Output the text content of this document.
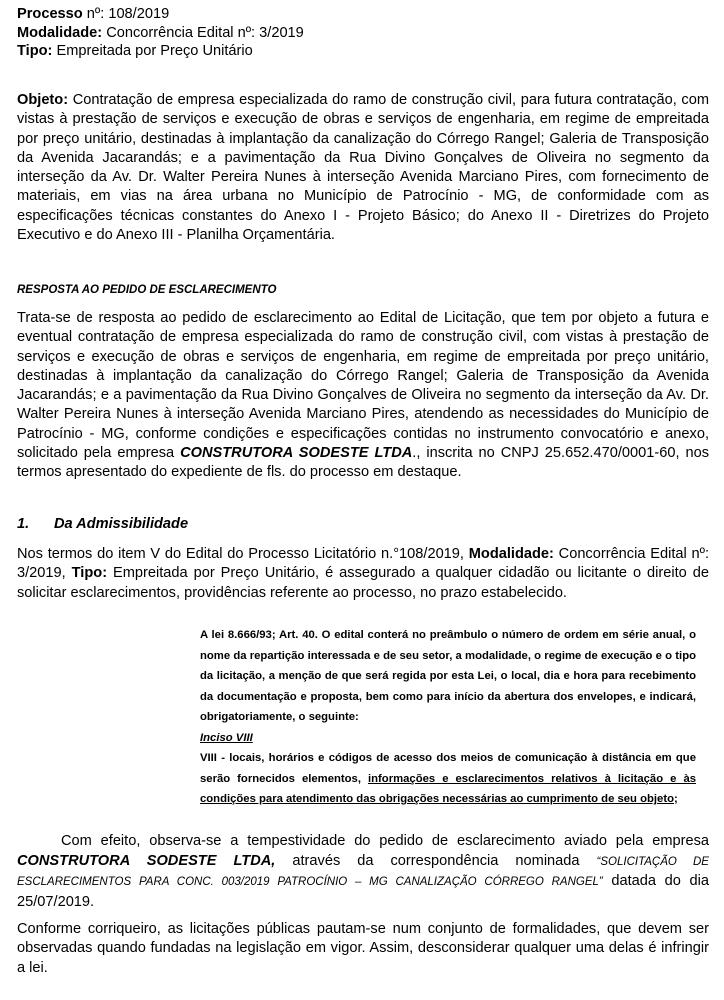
Processo nº: 108/2019
Modalidade: Concorrência Edital nº: 3/2019
Tipo: Empreitada por Preço Unitário
Objeto: Contratação de empresa especializada do ramo de construção civil, para futura contratação, com vistas à prestação de serviços e execução de obras e serviços de engenharia, em regime de empreitada por preço unitário, destinadas à implantação da canalização do Córrego Rangel; Galeria de Transposição da Avenida Jacarandás; e a pavimentação da Rua Divino Gonçalves de Oliveira no segmento da interseção da Av. Dr. Walter Pereira Nunes à interseção Avenida Marciano Pires, com fornecimento de materiais, em vias na área urbana no Município de Patrocínio - MG, de conformidade com as especificações técnicas constantes do Anexo I - Projeto Básico; do Anexo II - Diretrizes do Projeto Executivo e do Anexo III - Planilha Orçamentária.
RESPOSTA AO PEDIDO DE ESCLARECIMENTO
Trata-se de resposta ao pedido de esclarecimento ao Edital de Licitação, que tem por objeto a futura e eventual contratação de empresa especializada do ramo de construção civil, com vistas à prestação de serviços e execução de obras e serviços de engenharia, em regime de empreitada por preço unitário, destinadas à implantação da canalização do Córrego Rangel; Galeria de Transposição da Avenida Jacarandás; e a pavimentação da Rua Divino Gonçalves de Oliveira no segmento da interseção da Av. Dr. Walter Pereira Nunes à interseção Avenida Marciano Pires, atendendo as necessidades do Município de Patrocínio - MG, conforme condições e especificações contidas no instrumento convocatório e anexo, solicitado pela empresa CONSTRUTORA SODESTE LTDA., inscrita no CNPJ 25.652.470/0001-60, nos termos apresentado do expediente de fls. do processo em destaque.
1. Da Admissibilidade
Nos termos do item V do Edital do Processo Licitatório n.°108/2019, Modalidade: Concorrência Edital nº: 3/2019, Tipo: Empreitada por Preço Unitário, é assegurado a qualquer cidadão ou licitante o direito de solicitar esclarecimentos, providências referente ao processo, no prazo estabelecido.
A lei 8.666/93; Art. 40. O edital conterá no preâmbulo o número de ordem em série anual, o nome da repartição interessada e de seu setor, a modalidade, o regime de execução e o tipo da licitação, a menção de que será regida por esta Lei, o local, dia e hora para recebimento da documentação e proposta, bem como para início da abertura dos envelopes, e indicará, obrigatoriamente, o seguinte:
Inciso VIII
VIII - locais, horários e códigos de acesso dos meios de comunicação à distância em que serão fornecidos elementos, informações e esclarecimentos relativos à licitação e às condições para atendimento das obrigações necessárias ao cumprimento de seu objeto;
Com efeito, observa-se a tempestividade do pedido de esclarecimento aviado pela empresa CONSTRUTORA SODESTE LTDA, através da correspondência nominada “SOLICITAÇÃO DE ESCLARECIMENTOS PARA CONC. 003/2019 PATROCÍNIO – MG CANALIZAÇÃO CÓRREGO RANGEL” datada do dia 25/07/2019.
Conforme corriqueiro, as licitações públicas pautam-se num conjunto de formalidades, que devem ser observadas quando fundadas na legislação em vigor. Assim, desconsiderar qualquer uma delas é infringir a lei.
